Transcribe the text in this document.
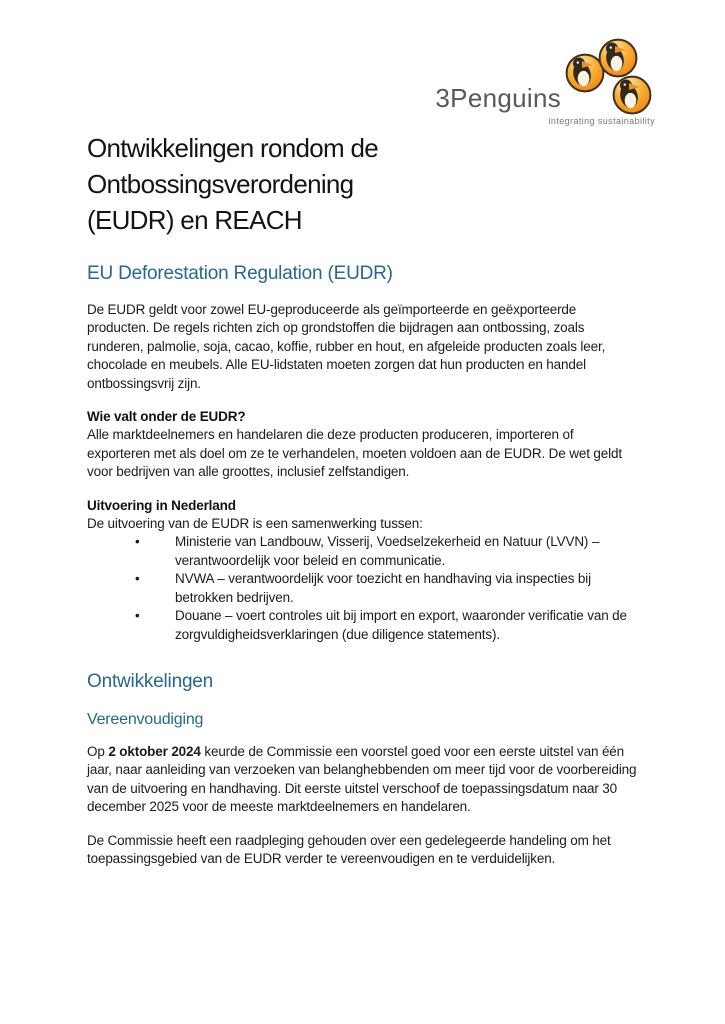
3Penguins
integrating sustainability
Ontwikkelingen rondom de Ontbossingsverordening
(EUDR) en REACH
EU Deforestation Regulation (EUDR)

De EUDR geldt voor zowel EU-geproduceerde als geïmporteerde en geëxporteerde producten. De regels richten zich op grondstoffen die bijdragen aan ontbossing, zoals runderen, palmolie, soja, cacao, koffie, rubber en hout, en afgeleide producten zoals leer, chocolade en meubels. Alle EU-lidstaten moeten zorgen dat hun producten en handel ontbossingsvrij zijn.

Wie valt onder de EUDR?

Alle marktdeelnemers en handelaren die deze producten produceren, importeren of exporteren met als doel om ze te verhandelen, moeten voldoen aan de EUDR. De wet geldt voor bedrijven van alle groottes, inclusief zelfstandigen.

Uitvoering in Nederland

De uitvoering van de EUDR is een samenwerking tussen:

•	Ministerie van Landbouw, Visserij, Voedselzekerheid en Natuur (LVVN) – verantwoordelijk voor beleid en communicatie.
•	NVWA – verantwoordelijk voor toezicht en handhaving via inspecties bij betrokken bedrijven.
•	Douane – voert controles uit bij import en export, waaronder verificatie van de zorgvuldigheidsverklaringen (due diligence statements).
Ontwikkelingen
Vereenvoudiging

Op 2 oktober 2024 keurde de Commissie een voorstel goed voor een eerste uitstel van één jaar, naar aanleiding van verzoeken van belanghebbenden om meer tijd voor de voorbereiding van de uitvoering en handhaving. Dit eerste uitstel verschoof de toepassingsdatum naar 30 december 2025 voor de meeste marktdeelnemers en handelaren.

De Commissie heeft een raadpleging gehouden over een gedelegeerde handeling om het toepassingsgebied van de EUDR verder te vereenvoudigen en te verduidelijken.
